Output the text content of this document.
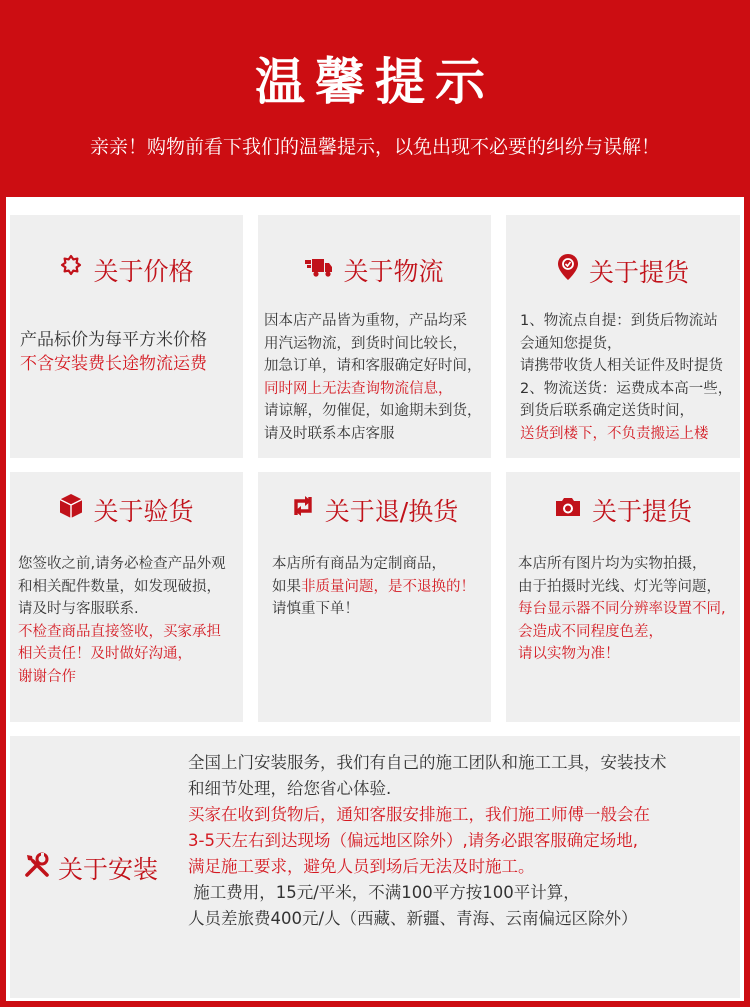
温馨提示
亲亲！购物前看下我们的温馨提示，以免出现不必要的纠纷与误解！
关于价格

产品标价为每平方米价格

不含安装费长途物流运费

关于物流

因本店产品皆为重物，产品均采

用汽运物流，到货时间比较长，

加急订单，请和客服确定好时间，

同时网上无法查询物流信息，

请谅解，勿催促，如逾期未到货，

请及时联系本店客服

关于提货

1、物流点自提：到货后物流站

会通知您提货，

请携带收货人相关证件及时提货

2、物流送货：运费成本高一些，

到货后联系确定送货时间，

送货到楼下，不负责搬运上楼

关于验货

您签收之前,请务必检查产品外观

和相关配件数量，如发现破损，

请及时与客服联系.

不检查商品直接签收，买家承担

相关责任！及时做好沟通，

谢谢合作

关于退/换货

本店所有商品为定制商品，

如果非质量问题，是不退换的！

请慎重下单！

关于提货

本店所有图片均为实物拍摄，

由于拍摄时光线、灯光等问题，

每台显示器不同分辨率设置不同,

会造成不同程度色差，

请以实物为准！

关于安装

全国上门安装服务，我们有自己的施工团队和施工工具，安装技术

和细节处理，给您省心体验.

买家在收到货物后，通知客服安排施工，我们施工师傅一般会在

3-5天左右到达现场（偏远地区除外）,请务必跟客服确定场地,

满足施工要求，避免人员到场后无法及时施工。

施工费用，15元/平米，不满100平方按100平计算，

人员差旅费400元/人（西藏、新疆、青海、云南偏远区除外）
